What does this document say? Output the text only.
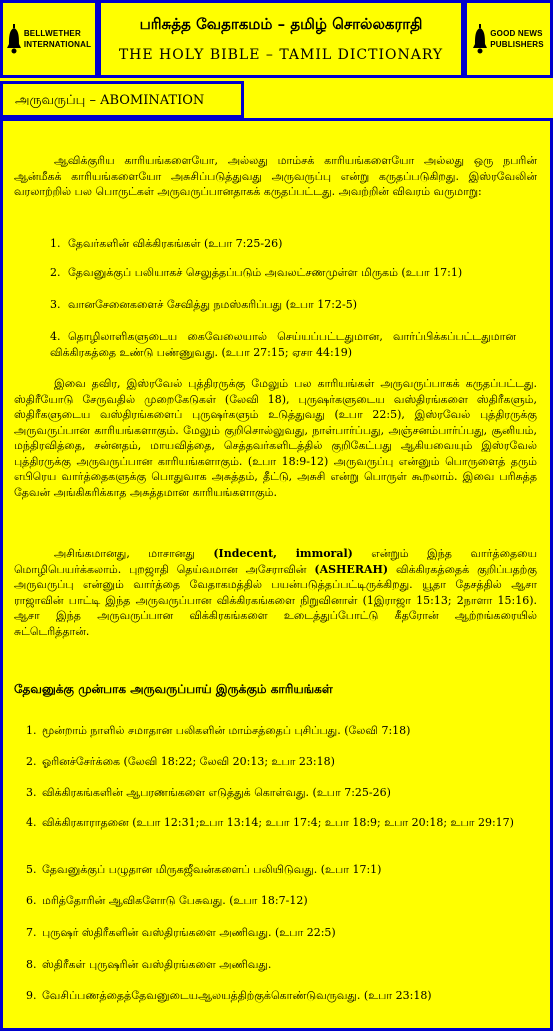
BELLWETHER
INTERNATIONAL
பரிசுத்த வேதாகமம் – தமிழ் சொல்லகராதி
THE HOLY BIBLE – TAMIL DICTIONARY
GOOD NEWS
PUBLISHERS
அருவருப்பு – ABOMINATION

ஆவிக்குரிய காரியங்களையோ, அல்லது மாம்சக் காரியங்களையோ அல்லது ஒரு நபரின் ஆன்மீகக் காரியங்களையோ அசுசிப்படுத்துவது அருவருப்பு என்று கருதப்படுகிறது. இஸ்ரவேலின் வரலாற்றில் பல பொருட்கள் அருவருப்பானதாகக் கருதப்பட்டது. அவற்றின் விவரம் வருமாறு:

1. தேவர்களின் விக்கிரகங்கள் (உபா 7:25-26)

2. தேவனுக்குப் பலியாகச் செலுத்தப்படும் அவலட்சணமுள்ள மிருகம் (உபா 17:1)

3. வானசேனைகளைச் சேவித்து நமஸ்கரிப்பது (உபா 17:2-5)

4. தொழிலாளிகளுடைய கைவேலையால் செய்யப்பட்டதுமான, வார்ப்பிக்கப்பட்டதுமான விக்கிரகத்தை உண்டு பண்ணுவது. (உபா 27:15; ஏசா 44:19)

இவை தவிர, இஸ்ரவேல் புத்திரருக்கு மேலும் பல காரியங்கள் அருவருப்பாகக் கருதப்பட்டது. ஸ்திரீயோடு சேருவதில் முறைகேடுகள் (லேவி 18), புருஷர்களுடைய வஸ்திரங்களை ஸ்திரீகளும், ஸ்திரீகளுடைய வஸ்திரங்களைப் புருஷர்களும் உடுத்துவது (உபா 22:5), இஸ்ரவேல் புத்திரருக்கு அருவருப்பான காரியங்களாகும். மேலும் குறிசொல்லுவது, நாள்பார்ப்பது, அஞ்சனம்பார்ப்பது, சூனியம், மந்திரவித்தை, சன்னதம், மாயவித்தை, செத்தவர்களிடத்தில் குறிகேட்பது ஆகியவையும் இஸ்ரவேல் புத்திரருக்கு அருவருப்பான காரியங்களாகும். (உபா 18:9-12) அருவருப்பு என்னும் பொருளைத் தரும் எபிரெய வார்த்தைகளுக்கு பொதுவாக அசுத்தம், தீட்டு, அசுசி என்று பொருள் கூறலாம். இவை பரிசுத்த தேவன் அங்கிகரிக்காத அசுத்தமான காரியங்களாகும்.

அசிங்கமானது, மாசானது (Indecent, immoral) என்றும் இந்த வார்த்தையை மொழிபெயர்க்கலாம். புறஜாதி தெய்வமான அசேராவின் (ASHERAH) விக்கிரகத்தைக் குறிப்பதற்கு அருவருப்பு என்னும் வார்த்தை வேதாகமத்தில் பயன்படுத்தப்பட்டிருக்கிறது. யூதா தேசத்தில் ஆசா ராஜாவின் பாட்டி இந்த அருவருப்பான விக்கிரகங்களை நிறுவினாள் (1இராஜா 15:13; 2நாளா 15:16). ஆசா இந்த அருவருப்பான விக்கிரகங்களை உடைத்துப்போட்டு கீதரோன் ஆற்றங்கரையில் சுட்டெரித்தான்.

தேவனுக்கு முன்பாக அருவருப்பாய் இருக்கும் காரியங்கள்

1. மூன்றாம் நாளில் சமாதான பலிகளின் மாம்சத்தைப் புசிப்பது. (லேவி 7:18)

2. ஓரினச்சேர்க்கை (லேவி 18:22; லேவி 20:13; உபா 23:18)

3. விக்கிரகங்களின் ஆபரணங்களை எடுத்துக் கொள்வது. (உபா 7:25-26)

4. விக்கிரகாராதனை (உபா 12:31;உபா 13:14; உபா 17:4; உபா 18:9; உபா 20:18; உபா 29:17)

5. தேவனுக்குப் பழுதான மிருகஜீவன்களைப் பலியிடுவது. (உபா 17:1)

6. மரித்தோரின் ஆவிகளோடு பேசுவது. (உபா 18:7-12)

7. புருஷர் ஸ்திரீகளின் வஸ்திரங்களை அணிவது. (உபா 22:5)

8. ஸ்திரீகள் புருஷரின் வஸ்திரங்களை அணிவது.

9. வேசிப்பணத்தைத்தேவனுடையஆலயத்திற்குக்கொண்டுவருவது. (உபா 23:18)
